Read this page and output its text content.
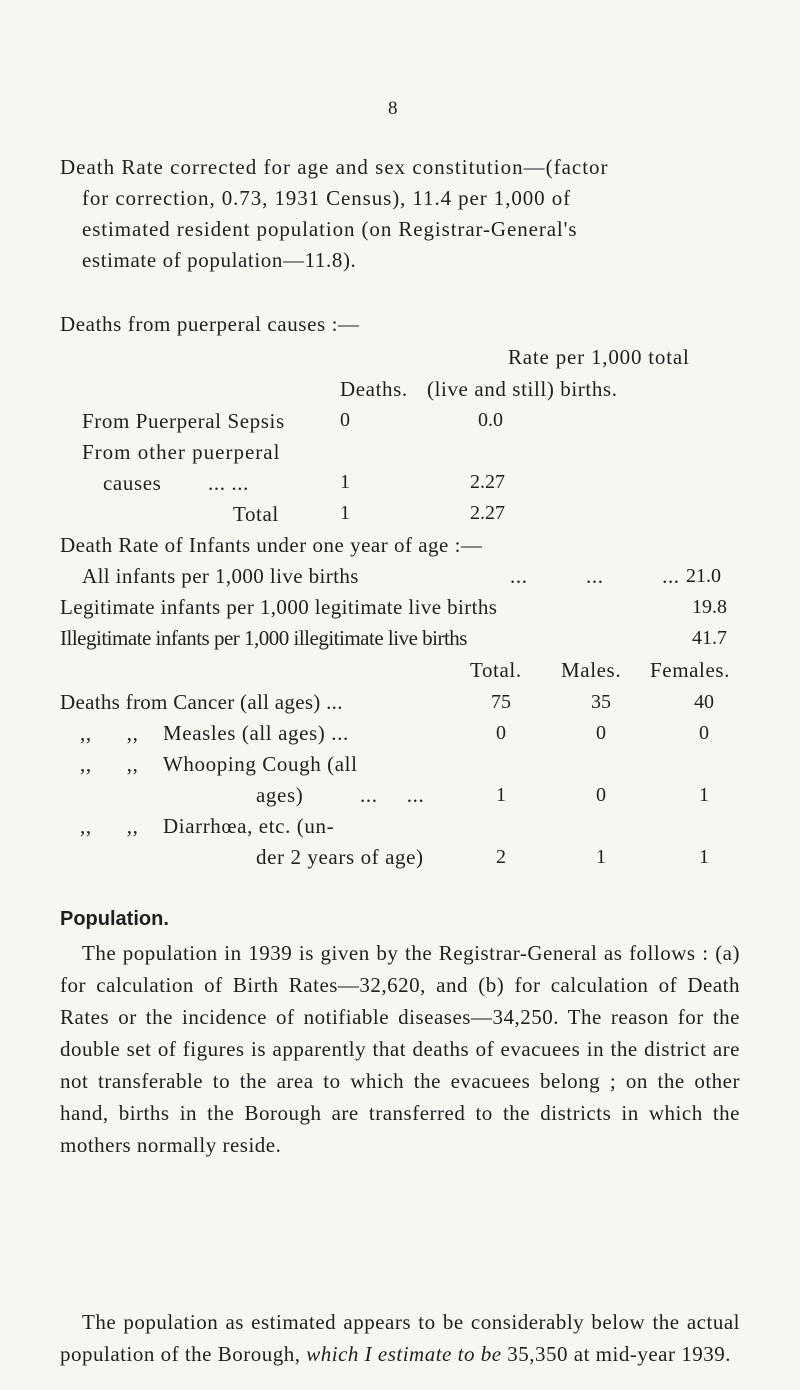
8
Death Rate corrected for age and sex constitution—(factor
for correction, 0.73, 1931 Census), 11.4 per 1,000 of
estimated resident population (on Registrar-General's
estimate of population—11.8).
Deaths from puerperal causes :—
Rate per 1,000 total
Deaths. (live and still) births.
From Puerperal Sepsis	0	0.0
From other puerperal
causes ... ...	1	2.27
Total	1	2.27
Death Rate of Infants under one year of age :—
All infants per 1,000 live births	...          ...          ... 21.0
Legitimate infants per 1,000 legitimate live births	19.8
Illegitimate infants per 1,000 illegitimate live births	41.7
Total. Males. Females.
Deaths from Cancer (all ages) ...	75	35	40
,,      ,, Measles (all ages) ...	0	0	0
,,      ,, Whooping Cough (all
ages)	...     ...	1	0	1
,,      ,, Diarrhœa, etc. (un-
der 2 years of age)	2	1	1
Population.
The population in 1939 is given by the Registrar-General as follows : (a) for calculation of Birth Rates—32,620, and (b) for calculation of Death Rates or the incidence of notifiable diseases—34,250. The reason for the double set of figures is apparently that deaths of evacuees in the district are not transferable to the area to which the evacuees belong ; on the other hand, births in the Borough are transferred to the districts in which the mothers normally reside.
The population as estimated appears to be considerably below the actual population of the Borough, which I estimate to be 35,350 at mid-year 1939.
